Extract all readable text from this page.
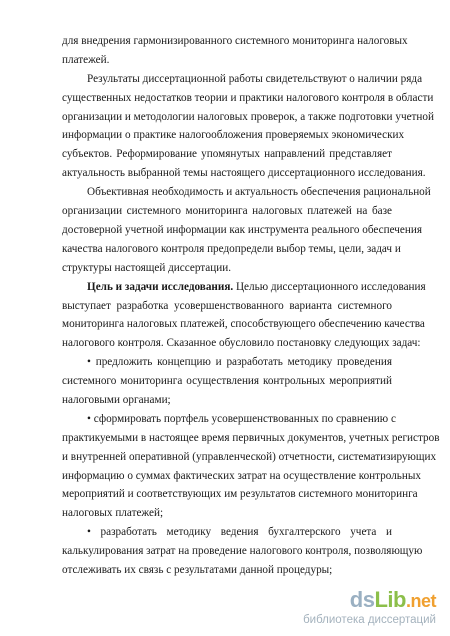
для внедрения гармонизированного системного мониторинга налоговых
платежей.
Результаты диссертационной работы свидетельствуют о наличии ряда
существенных недостатков теории и практики налогового контроля в области
организации и методологии налоговых проверок, а также подготовки учетной
информации о практике налогообложения проверяемых экономических
субъектов. Реформирование упомянутых направлений представляет
актуальность выбранной темы настоящего диссертационного исследования.
Объективная необходимость и актуальность обеспечения рациональной
организации системного мониторинга налоговых платежей на базе
достоверной учетной информации как инструмента реального обеспечения
качества налогового контроля предопредели выбор темы, цели, задач и
структуры настоящей диссертации.
Цель и задачи исследования. Целью диссертационного исследования
выступает разработка усовершенствованного варианта системного
мониторинга налоговых платежей, способствующего обеспечению качества
налогового контроля. Сказанное обусловило постановку следующих задач:
• предложить концепцию и разработать методику проведения
системного мониторинга осуществления контрольных мероприятий
налоговыми органами;
• сформировать портфель усовершенствованных по сравнению с
практикуемыми в настоящее время первичных документов, учетных регистров
и внутренней оперативной (управленческой) отчетности, систематизирующих
информацию о суммах фактических затрат на осуществление контрольных
мероприятий и соответствующих им результатов системного мониторинга
налоговых платежей;
• разработать методику ведения бухгалтерского учета и
калькулирования затрат на проведение налогового контроля, позволяющую
отслеживать их связь с результатами данной процедуры;
dsLib.net
библиотека диссертаций
